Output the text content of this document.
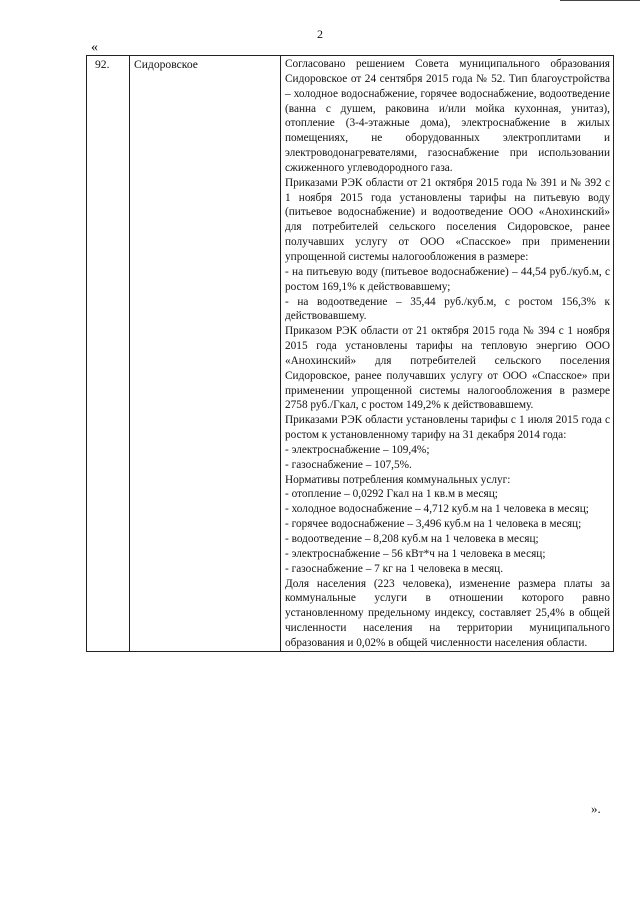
2
«
92.	Сидоровское	Согласовано решением Совета муниципального образования Сидоровское от 24 сентября 2015 года № 52. Тип благоустройства – холодное водоснабжение, горячее водоснабжение, водоотведение (ванна с душем, раковина и/или мойка кухонная, унитаз), отопление (3-4-этажные дома), электроснабжение в жилых помещениях, не оборудованных электроплитами и электроводонагревателями, газоснабжение при использовании сжиженного углеводородного газа.

Приказами РЭК области от 21 октября 2015 года № 391 и № 392 с 1 ноября 2015 года установлены тарифы на питьевую воду (питьевое водоснабжение) и водоотведение ООО «Анохинский» для потребителей сельского поселения Сидоровское, ранее получавших услугу от ООО «Спасское» при применении упрощенной системы налогообложения в размере:

- на питьевую воду (питьевое водоснабжение) – 44,54 руб./куб.м, с ростом 169,1% к действовавшему;

- на водоотведение – 35,44 руб./куб.м, с ростом 156,3% к действовавшему.

Приказом РЭК области от 21 октября 2015 года № 394 с 1 ноября 2015 года установлены тарифы на тепловую энергию ООО «Анохинский» для потребителей сельского поселения Сидоровское, ранее получавших услугу от ООО «Спасское» при применении упрощенной системы налогообложения в размере 2758 руб./Гкал, с ростом 149,2% к действовавшему.

Приказами РЭК области установлены тарифы с 1 июля 2015 года с ростом к установленному тарифу на 31 декабря 2014 года:

- электроснабжение – 109,4%;

- газоснабжение – 107,5%.

Нормативы потребления коммунальных услуг:

- отопление – 0,0292 Гкал на 1 кв.м в месяц;

- холодное водоснабжение – 4,712 куб.м на 1 человека в месяц;

- горячее водоснабжение – 3,496 куб.м на 1 человека в месяц;

- водоотведение – 8,208 куб.м на 1 человека в месяц;

- электроснабжение – 56 кВт*ч на 1 человека в месяц;

- газоснабжение – 7 кг на 1 человека в месяц.

Доля населения (223 человека), изменение размера платы за коммунальные услуги в отношении которого равно установленному предельному индексу, составляет 25,4% в общей численности населения на территории муниципального образования и 0,02% в общей численности населения области.

».
